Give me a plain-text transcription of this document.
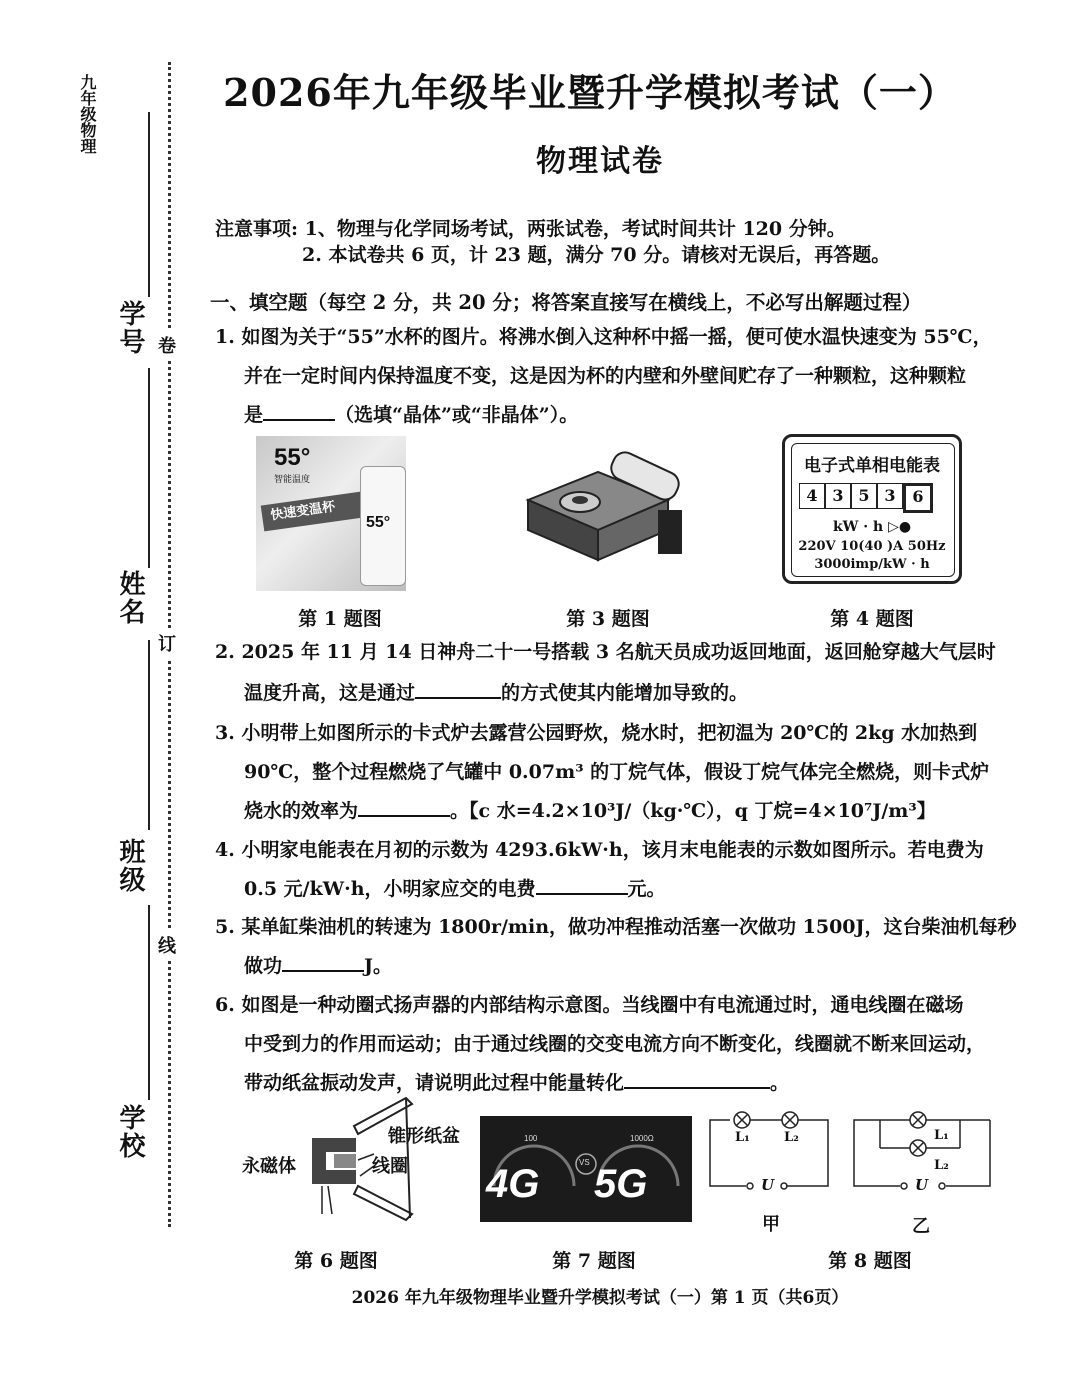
九年级物理
学号
姓名
班级
学校
卷
订
线
2026年九年级毕业暨升学模拟考试（一）
物理试卷
注意事项: 1、物理与化学同场考试，两张试卷，考试时间共计 120 分钟。
2. 本试卷共 6 页，计 23 题，满分 70 分。请核对无误后，再答题。
一、填空题（每空 2 分，共 20 分；将答案直接写在横线上，不必写出解题过程）
1. 如图为关于“55”水杯的图片。将沸水倒入这种杯中摇一摇，便可使水温快速变为 55℃，
并在一定时间内保持温度不变，这是因为杯的内壁和外壁间贮存了一种颗粒，这种颗粒
是	（选填“晶体”或“非晶体”）。
55°
智能温度
快速变温杯
55°
第 1 题图	第 3 题图
电子式单相电能表
4 3 5 3	6
kW · h ▷●
220V 10(40 )A 50Hz
3000imp/kW · h
第 4 题图
2. 2025 年 11 月 14 日神舟二十一号搭载 3 名航天员成功返回地面，返回舱穿越大气层时
温度升高，这是通过	的方式使其内能增加导致的。
3. 小明带上如图所示的卡式炉去露营公园野炊，烧水时，把初温为 20℃的 2kg 水加热到
90℃，整个过程燃烧了气罐中 0.07m³ 的丁烷气体，假设丁烷气体完全燃烧，则卡式炉
烧水的效率为	。【c 水=4.2×10³J/（kg·℃），q 丁烷=4×10⁷J/m³】
4. 小明家电能表在月初的示数为 4293.6kW·h，该月末电能表的示数如图所示。若电费为
0.5 元/kW·h，小明家应交的电费	元。
5. 某单缸柴油机的转速为 1800r/min，做功冲程推动活塞一次做功 1500J，这台柴油机每秒
做功	J。
6. 如图是一种动圈式扬声器的内部结构示意图。当线圈中有电流通过时，通电线圈在磁场
中受到力的作用而运动；由于通过线圈的交变电流方向不断变化，线圈就不断来回运动，
带动纸盆振动发声，请说明此过程中能量转化	。
锥形纸盆
永磁体	线圈
第 6 题图
100	1000Ω
VS
4G 5G
第 7 题图
L₁	L₂
U
甲
L₁
L₂
U
乙
第 8 题图
2026 年九年级物理毕业暨升学模拟考试（一）第 1 页（共6页）
